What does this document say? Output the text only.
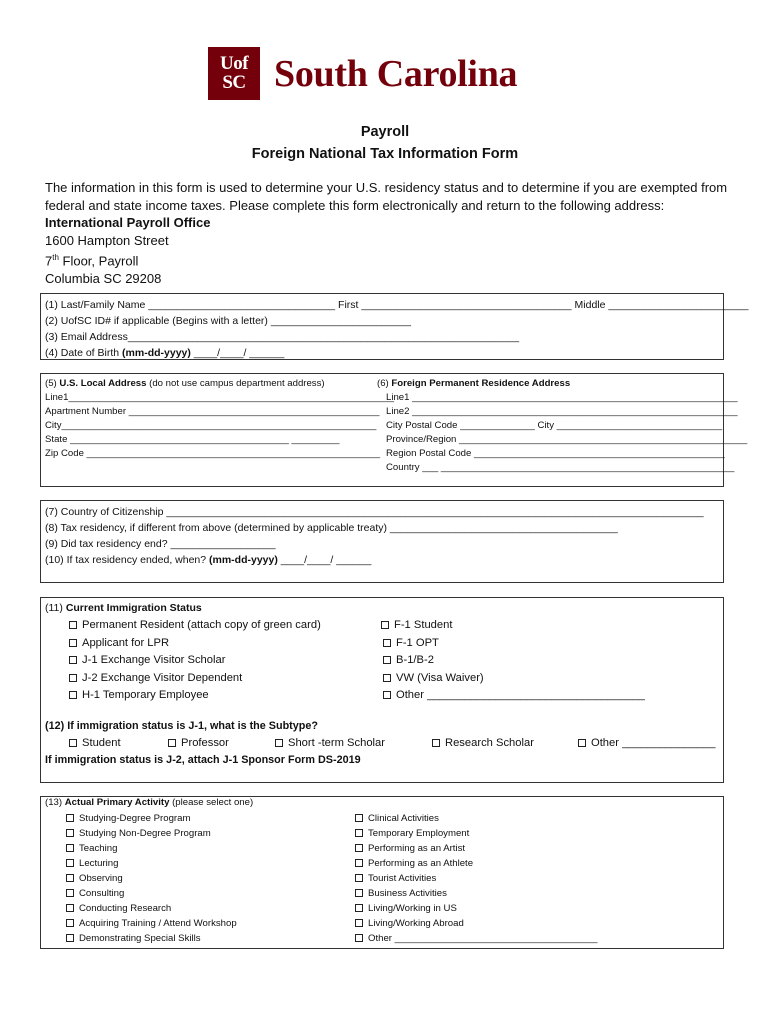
Uof
SC South Carolina
Payroll
Foreign National Tax Information Form
The information in this form is used to determine your U.S. residency status and to determine if you are exempted from
federal and state income taxes. Please complete this form electronically and return to the following address:
International Payroll Office
1600 Hampton Street
7th Floor, Payroll
Columbia SC 29208
(1) Last/Family Name ________________________________ First ____________________________________ Middle ________________________
(2) UofSC ID# if applicable (Begins with a letter) ________________________
(3) Email Address___________________________________________________________________
(4) Date of Birth (mm-dd-yyyy) ____/____/ ______
(5) U.S. Local Address (do not use campus department address)
Line1_____________________________________________________________
Apartment Number _______________________________________________
City___________________________________________________________
State _________________________________________ _________
Zip Code _______________________________________________________
(6) Foreign Permanent Residence Address
Line1 _____________________________________________________________
Line2 _____________________________________________________________
City Postal Code ______________ City _______________________________
Province/Region ______________________________________________________
Region Postal Code _______________________________________________
Country ___ _______________________________________________________
(7) Country of Citizenship ____________________________________________________________________________________________
(8) Tax residency, if different from above (determined by applicable treaty) _______________________________________
(9) Did tax residency end? __________________
(10) If tax residency ended, when? (mm-dd-yyyy) ____/____/ ______
(11) Current Immigration Status
Permanent Resident (attach copy of green card)
Applicant for LPR
J-1 Exchange Visitor Scholar
J-2 Exchange Visitor Dependent
H-1 Temporary Employee
F-1 Student
F-1 OPT
B-1/B-2
VW (Visa Waiver)
Other ___________________________________
(12) If immigration status is J-1, what is the Subtype?
Student	Professor	Short -term Scholar	Research Scholar	Other _______________
If immigration status is J-2, attach J-1 Sponsor Form DS-2019
(13) Actual Primary Activity (please select one)
Studying-Degree Program
Studying Non-Degree Program
Teaching
Lecturing
Observing
Consulting
Conducting Research
Acquiring Training / Attend Workshop
Demonstrating Special Skills
Clinical Activities
Temporary Employment
Performing as an Artist
Performing as an Athlete
Tourist Activities
Business Activities
Living/Working in US
Living/Working Abroad
Other ______________________________________
